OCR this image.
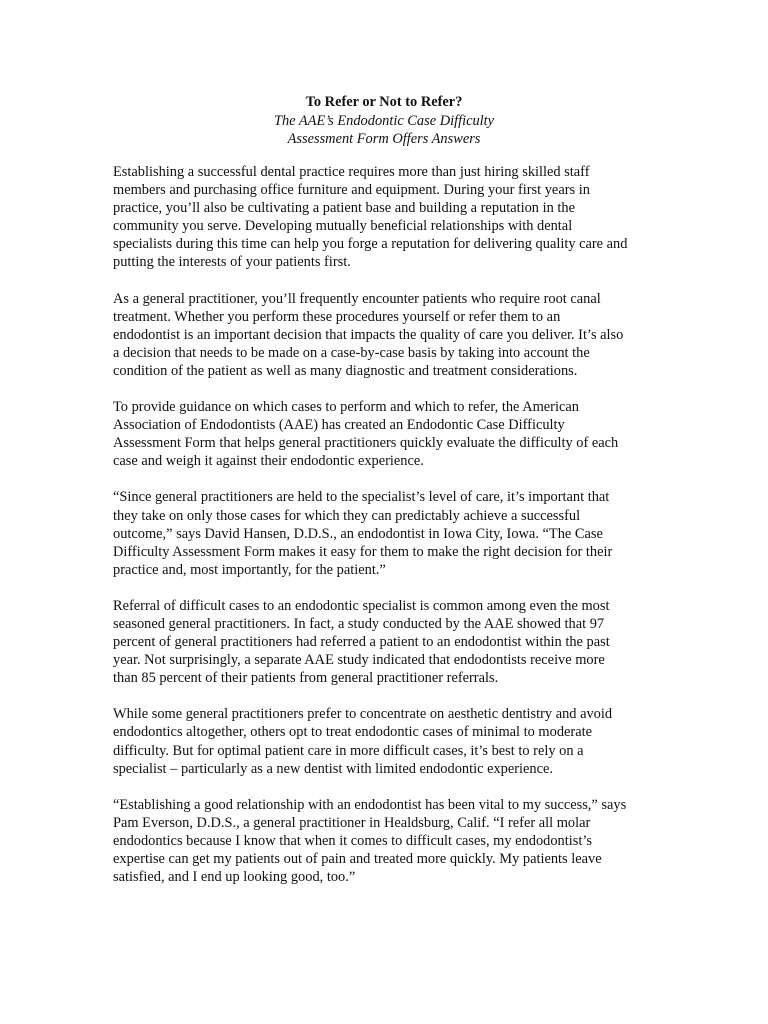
To Refer or Not to Refer?
The AAE’s Endodontic Case Difficulty
Assessment Form Offers Answers

Establishing a successful dental practice requires more than just hiring skilled staff
members and purchasing office furniture and equipment. During your first years in
practice, you’ll also be cultivating a patient base and building a reputation in the
community you serve. Developing mutually beneficial relationships with dental
specialists during this time can help you forge a reputation for delivering quality care and
putting the interests of your patients first.

As a general practitioner, you’ll frequently encounter patients who require root canal
treatment. Whether you perform these procedures yourself or refer them to an
endodontist is an important decision that impacts the quality of care you deliver. It’s also
a decision that needs to be made on a case-by-case basis by taking into account the
condition of the patient as well as many diagnostic and treatment considerations.

To provide guidance on which cases to perform and which to refer, the American
Association of Endodontists (AAE) has created an Endodontic Case Difficulty
Assessment Form that helps general practitioners quickly evaluate the difficulty of each
case and weigh it against their endodontic experience.

“Since general practitioners are held to the specialist’s level of care, it’s important that
they take on only those cases for which they can predictably achieve a successful
outcome,” says David Hansen, D.D.S., an endodontist in Iowa City, Iowa. “The Case
Difficulty Assessment Form makes it easy for them to make the right decision for their
practice and, most importantly, for the patient.”

Referral of difficult cases to an endodontic specialist is common among even the most
seasoned general practitioners. In fact, a study conducted by the AAE showed that 97
percent of general practitioners had referred a patient to an endodontist within the past
year. Not surprisingly, a separate AAE study indicated that endodontists receive more
than 85 percent of their patients from general practitioner referrals.

While some general practitioners prefer to concentrate on aesthetic dentistry and avoid
endodontics altogether, others opt to treat endodontic cases of minimal to moderate
difficulty. But for optimal patient care in more difficult cases, it’s best to rely on a
specialist – particularly as a new dentist with limited endodontic experience.

“Establishing a good relationship with an endodontist has been vital to my success,” says
Pam Everson, D.D.S., a general practitioner in Healdsburg, Calif. “I refer all molar
endodontics because I know that when it comes to difficult cases, my endodontist’s
expertise can get my patients out of pain and treated more quickly. My patients leave
satisfied, and I end up looking good, too.”
